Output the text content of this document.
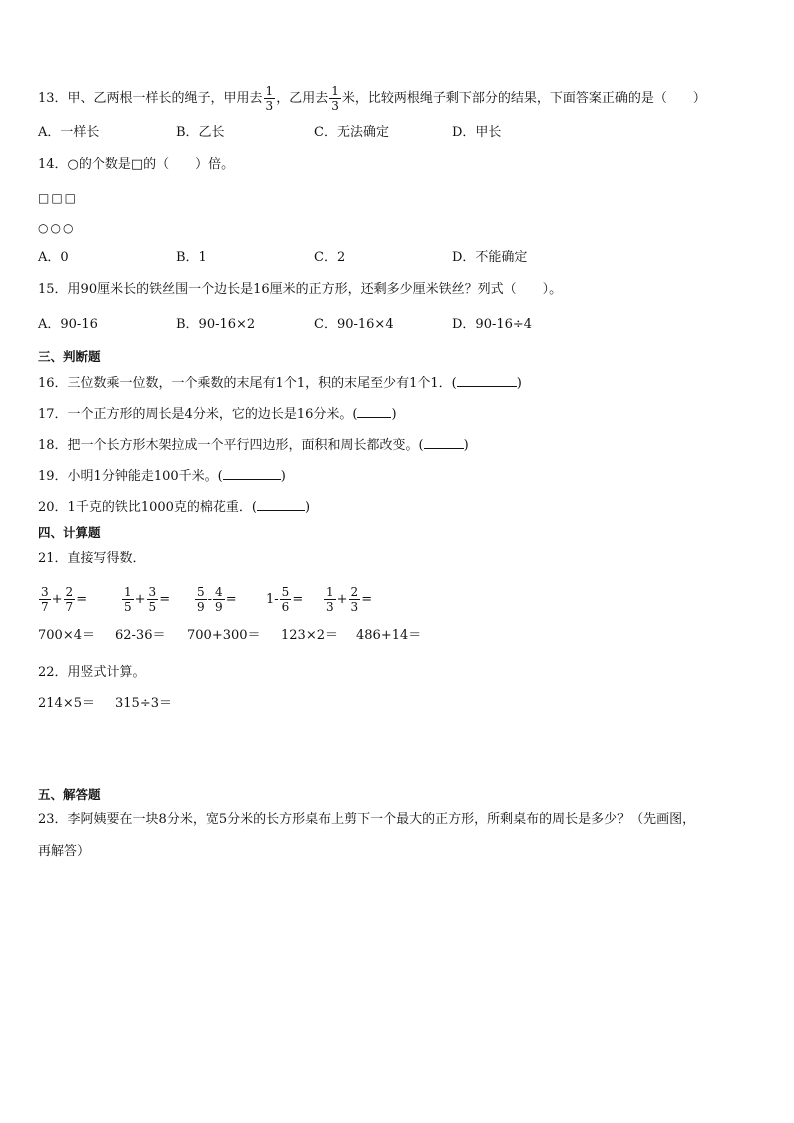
13．甲、乙两根一样长的绳子，甲用去 $\frac{1}{3}$ ，乙用去 $\frac{1}{3}$ 米，比较两根绳子剩下部分的结果，下面答案正确的是（　　）
A．一样长	B．乙长	C．无法确定	D．甲长
14．○的个数是□的（　　）倍。
□□□
○○○
A．0	B．1	C．2	D．不能确定
15．用90厘米长的铁丝围一个边长是16厘米的正方形，还剩多少厘米铁丝？列式（　　）。
A．90-16	B．90-16×2	C．90-16×4	D．90-16÷4
三、判断题
16．三位数乘一位数，一个乘数的末尾有1个1，积的末尾至少有1个1．(	)
17．一个正方形的周长是4分米，它的边长是16分米。(	)
18．把一个长方形木架拉成一个平行四边形，面积和周长都改变。(	)
19．小明1分钟能走100千米。(	)
20．1千克的铁比1000克的棉花重．(	)
四、计算题
21．直接写得数．
$\frac{3}{7} + \frac{2}{7}$ =	$\frac{1}{5} + \frac{3}{5} = \frac{5}{9} - \frac{4}{9} = 1- \frac{5}{6} = \frac{1}{3} + \frac{2}{3}$ =
700×4＝ 62-36＝ 700+300＝ 123×2＝ 486+14＝
22．用竖式计算。
214×5＝ 315÷3＝
五、解答题
23．李阿姨要在一块8分米，宽5分米的长方形桌布上剪下一个最大的正方形，所剩桌布的周长是多少？（先画图，
再解答）
